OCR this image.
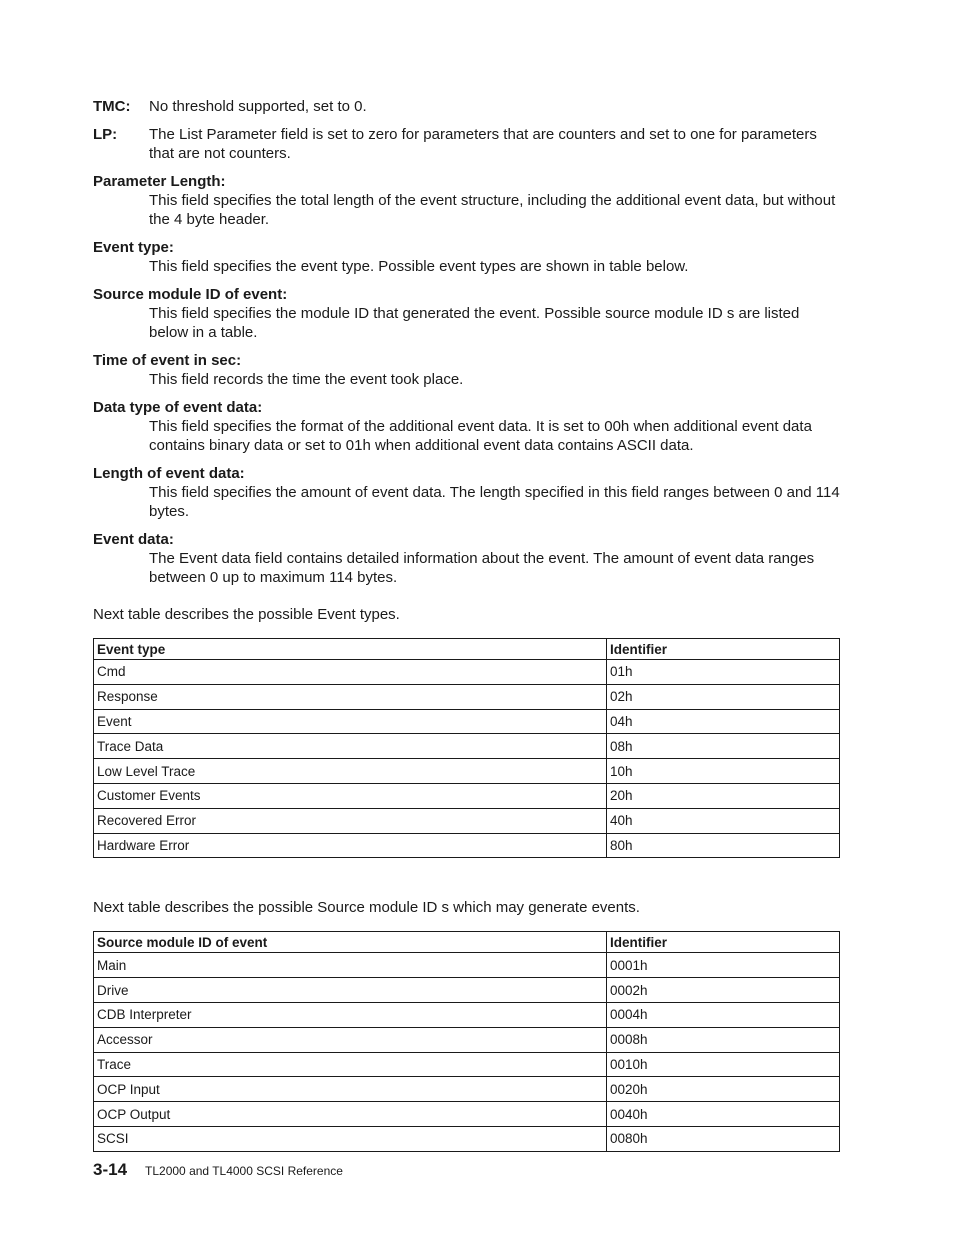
TMC:	No threshold supported, set to 0.
LP:	The List Parameter field is set to zero for parameters that are counters and set to one for parameters that are not counters.
Parameter Length:
This field specifies the total length of the event structure, including the additional event data, but without the 4 byte header.
Event type:
This field specifies the event type. Possible event types are shown in table below.
Source module ID of event:
This field specifies the module ID that generated the event. Possible source module ID s are listed below in a table.
Time of event in sec:
This field records the time the event took place.
Data type of event data:
This field specifies the format of the additional event data. It is set to 00h when additional event data contains binary data or set to 01h when additional event data contains ASCII data.
Length of event data:
This field specifies the amount of event data. The length specified in this field ranges between 0 and 114 bytes.
Event data:
The Event data field contains detailed information about the event. The amount of event data ranges between 0 up to maximum 114 bytes.
Next table describes the possible Event types.
Event type	Identifier
Cmd	01h
Response	02h
Event	04h
Trace Data	08h
Low Level Trace	10h
Customer Events	20h
Recovered Error	40h
Hardware Error	80h
Next table describes the possible Source module ID s which may generate events.
Source module ID of event	Identifier
Main	0001h
Drive	0002h
CDB Interpreter	0004h
Accessor	0008h
Trace	0010h
OCP Input	0020h
OCP Output	0040h
SCSI	0080h
3-14 TL2000 and TL4000 SCSI Reference
